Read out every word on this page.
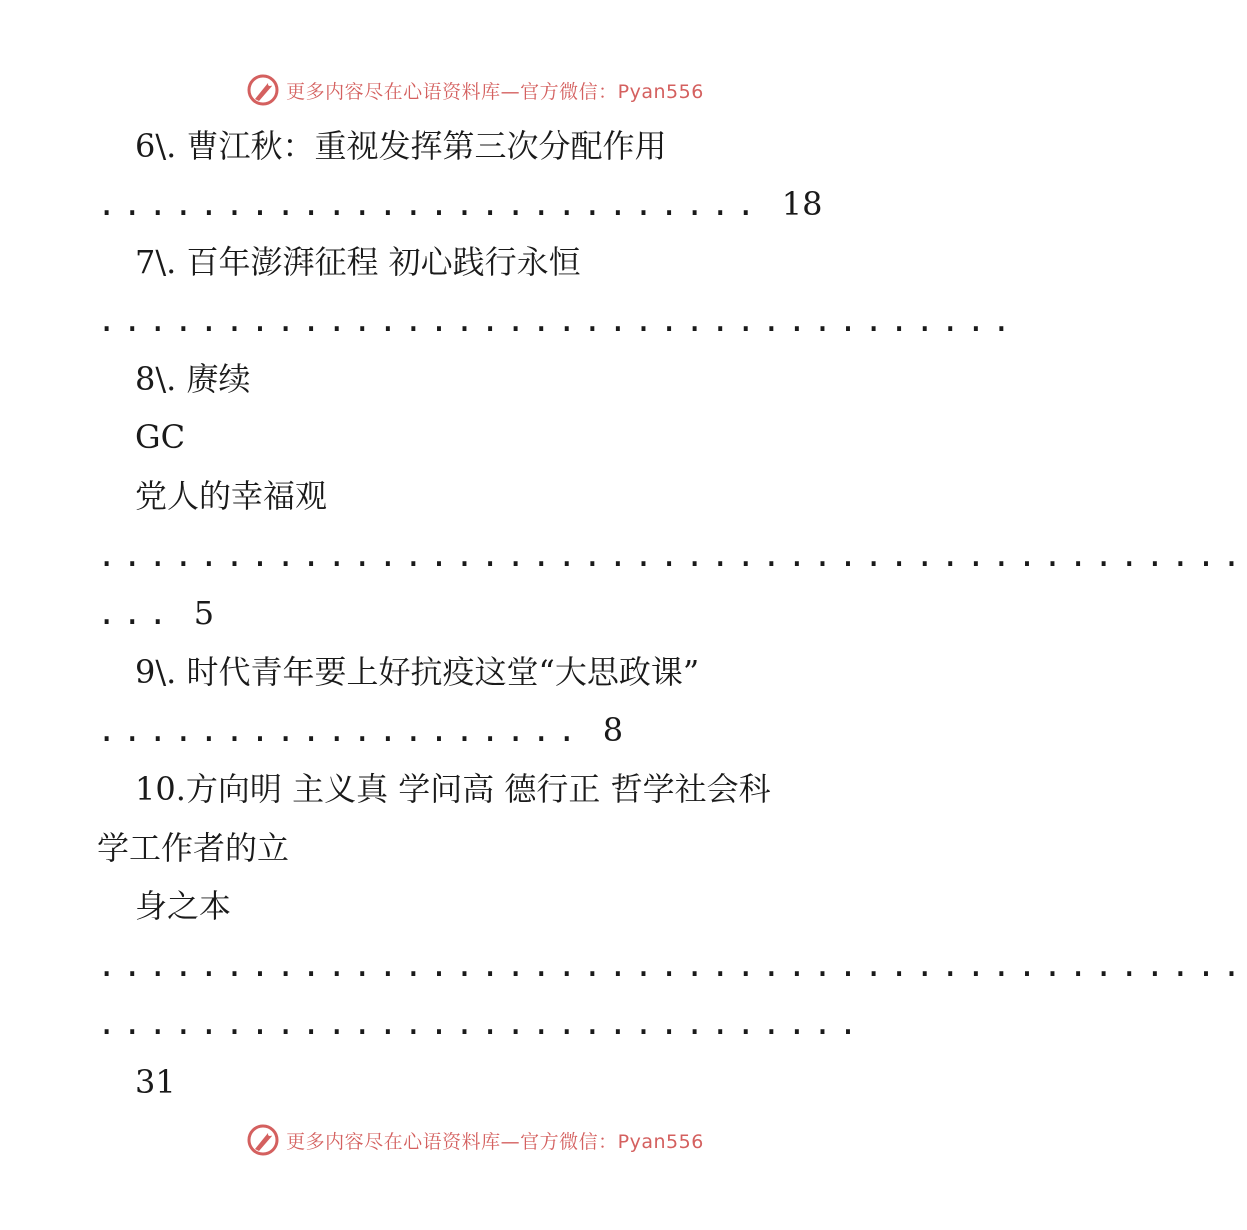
更多内容尽在心语资料库—官方微信：Pyan556
6\. 曹江秋：重视发挥第三次分配作用
.......................... 18
7\. 百年澎湃征程 初心践行永恒
....................................
8\. 赓续
GC
党人的幸福观
.............................................
... 5
9\. 时代青年要上好抗疫这堂“大思政课”
................... 8
10.方向明 主义真 学问高 德行正 哲学社会科
学工作者的立
身之本
.............................................
..............................
31
更多内容尽在心语资料库—官方微信：Pyan556
